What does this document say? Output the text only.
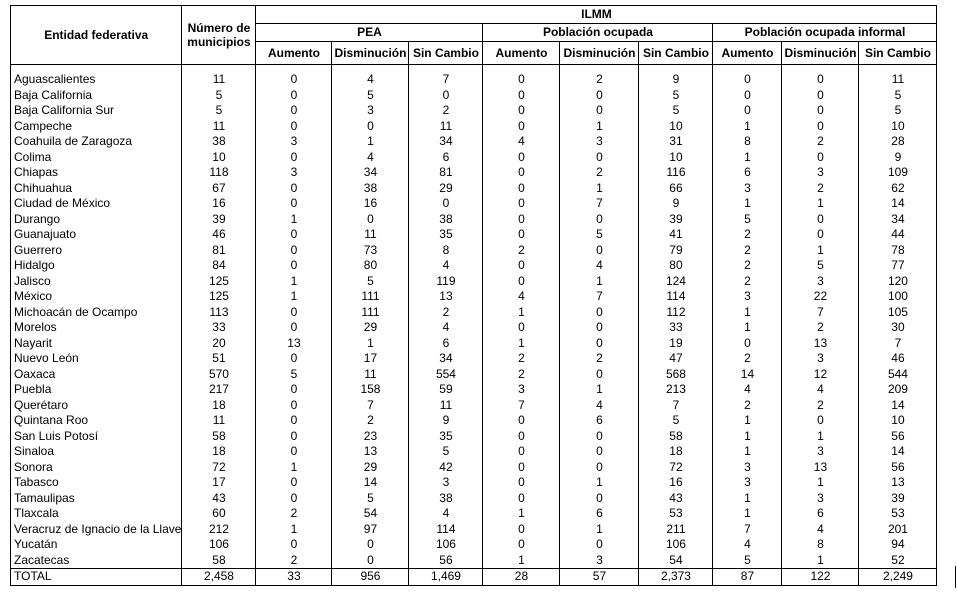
Entidad federativa	Número de municipios	ILMM								
		PEA			Población ocupada			Población ocupada informal		
		Aumento	Disminución	Sin Cambio	Aumento	Disminución	Sin Cambio	Aumento	Disminución	Sin Cambio

Aguascalientes	11	0	4	7	0	2	9	0	0	11
Baja California	5	0	5	0	0	0	5	0	0	5
Baja California Sur	5	0	3	2	0	0	5	0	0	5
Campeche	11	0	0	11	0	1	10	1	0	10
Coahuila de Zaragoza	38	3	1	34	4	3	31	8	2	28
Colima	10	0	4	6	0	0	10	1	0	9
Chiapas	118	3	34	81	0	2	116	6	3	109
Chihuahua	67	0	38	29	0	1	66	3	2	62
Ciudad de México	16	0	16	0	0	7	9	1	1	14
Durango	39	1	0	38	0	0	39	5	0	34
Guanajuato	46	0	11	35	0	5	41	2	0	44
Guerrero	81	0	73	8	2	0	79	2	1	78
Hidalgo	84	0	80	4	0	4	80	2	5	77
Jalisco	125	1	5	119	0	1	124	2	3	120
México	125	1	111	13	4	7	114	3	22	100
Michoacán de Ocampo	113	0	111	2	1	0	112	1	7	105
Morelos	33	0	29	4	0	0	33	1	2	30
Nayarit	20	13	1	6	1	0	19	0	13	7
Nuevo León	51	0	17	34	2	2	47	2	3	46
Oaxaca	570	5	11	554	2	0	568	14	12	544
Puebla	217	0	158	59	3	1	213	4	4	209
Querétaro	18	0	7	11	7	4	7	2	2	14
Quintana Roo	11	0	2	9	0	6	5	1	0	10
San Luis Potosí	58	0	23	35	0	0	58	1	1	56
Sinaloa	18	0	13	5	0	0	18	1	3	14
Sonora	72	1	29	42	0	0	72	3	13	56
Tabasco	17	0	14	3	0	1	16	3	1	13
Tamaulipas	43	0	5	38	0	0	43	1	3	39
Tlaxcala	60	2	54	4	1	6	53	1	6	53
Veracruz de Ignacio de la Llave	212	1	97	114	0	1	211	7	4	201
Yucatán	106	0	0	106	0	0	106	4	8	94
Zacatecas	58	2	0	56	1	3	54	5	1	52
TOTAL	2,458	33	956	1,469	28	57	2,373	87	122	2,249
